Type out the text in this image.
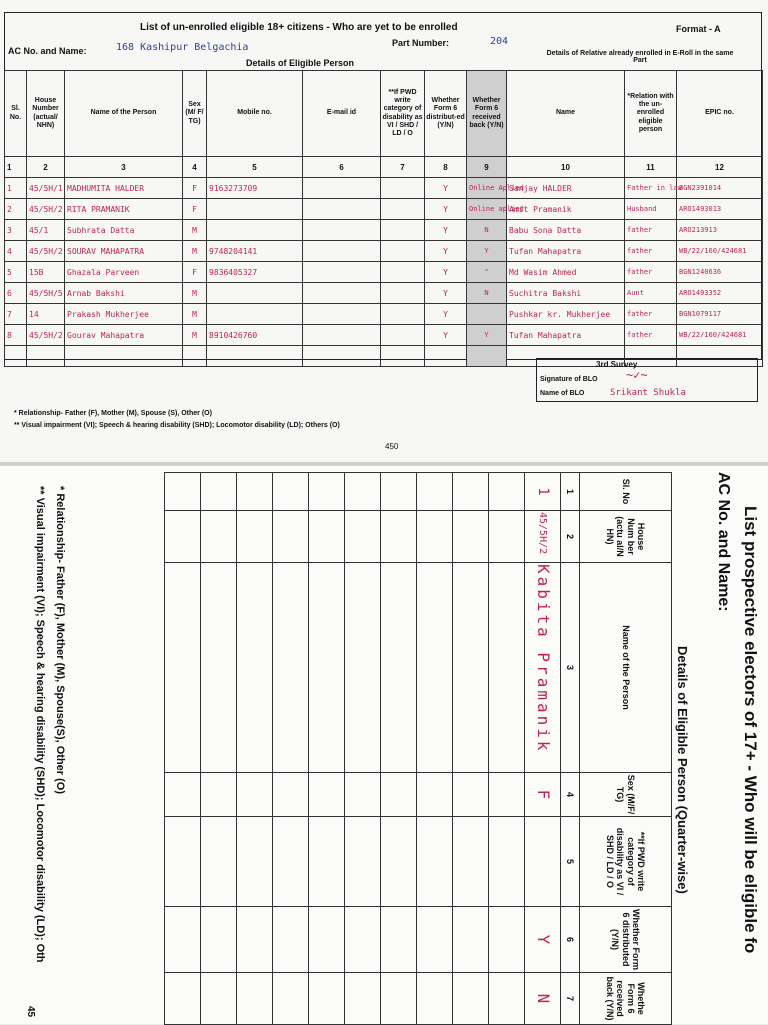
List of un-enrolled eligible 18+ citizens - Who are yet to be enrolled	Format - A
AC No. and Name:	168 Kashipur Belgachia	Part Number:	204
Details of Eligible Person
Details of Relative already enrolled in E-Roll in the same Part
Sl. No.	House Number (actual/ NHN)	Name of the Person	Sex (M/ F/ TG)	Mobile no.	E-mail id	**If PWD write category of disability as VI / SHD / LD / O	Whether Form 6 distribut-ed (Y/N)	Whether Form 6 received back (Y/N)	Name	*Relation with the un-enrolled eligible person	EPIC no.
1	2	3	4	5	6	7	8	9	10	11	12
1	45/5H/1	MADHUMITA HALDER	F	9163273709			Y	Online Aplied	Sanjay HALDER	Father in law	BGN2391014
2	45/5H/2	RITA PRAMANIK	F				Y	Online aplied	Amit Pramanik	Husband	ARO1493013
3	45/1	Subhrata Datta	M				Y	N	Babu Sona Datta	father	ARO213913
4	45/5H/2	SOURAV MAHAPATRA	M	9748204141			Y	Y	Tufan Mahapatra	father	WB/22/160/424681
5	15B	Ghazala Parveen	F	9836405327			Y	"	Md Wasim Ahmed	father	BGN1240636
6	45/5H/5	Arnab Bakshi	M				Y	N	Suchitra Bakshi	Aunt	ARO1493352
7	14	Prakash Mukherjee	M				Y		Pushkar kr. Mukherjee	father	BGN1079117
8	45/5H/2	Gourav Mahapatra	M	8910426760			Y	Y	Tufan Mahapatra	father	WB/22/160/424681

3rd Survey
Signature of BLO ~✓~
Name of BLO	Srikant Shukla
* Relationship- Father (F), Mother (M), Spouse (S), Other (O)
** Visual impairment (VI); Speech & hearing disability (SHD); Locomotor disability (LD); Others (O)
450
List prospective electors of 17+ - Who will be eligible fo
AC No. and Name:
Details of Eligible Person (Quarter-wise)
Sl. No	House Num ber (actu al/N HN)	Name of the Person	Sex (M/F/ TG)	**If PWD write category of disability as VI / SHD / LD / O	Whether Form 6 distributed (Y/N)	Whethe Form 6 received back (Y/N)
1	2	3	4	5	6	7
1	45/5H/2	Kabita Pramanik	F		Y	N

* Relationship- Father (F), Mother (M), Spouse(S), Other (O)
** Visual impairment (VI); Speech & hearing disability (SHD); Locomotor disability (LD); Oth
45
